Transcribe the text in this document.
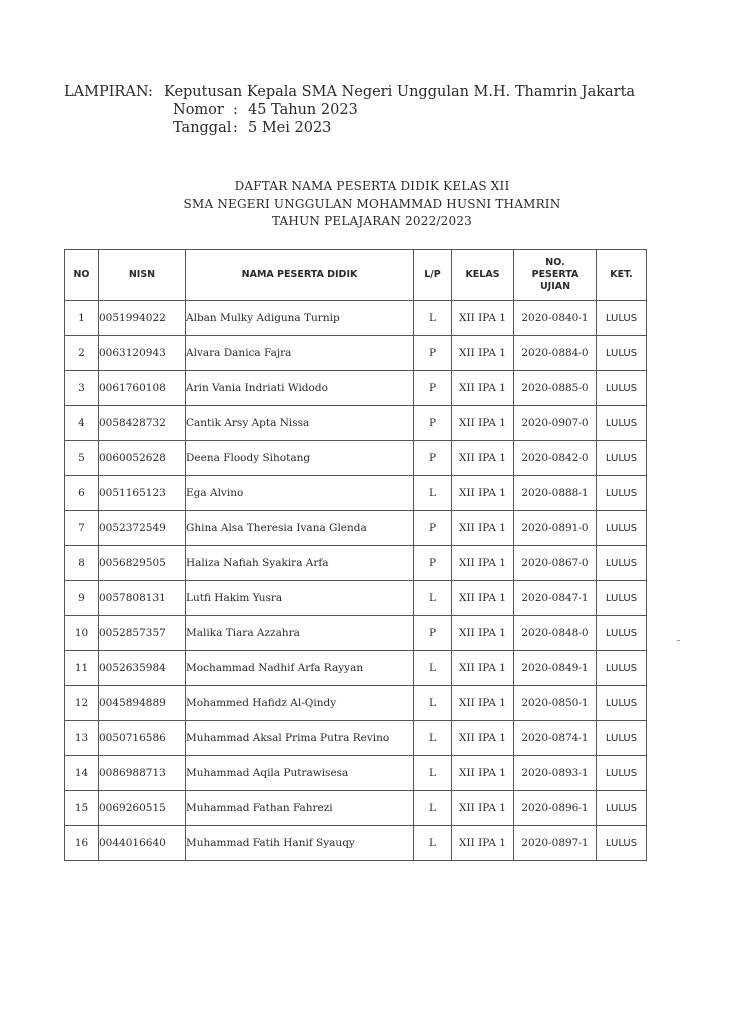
LAMPIRAN : Keputusan Kepala SMA Negeri Unggulan M.H. Thamrin Jakarta
Nomor : 45 Tahun 2023
Tanggal : 5 Mei 2023
DAFTAR NAMA PESERTA DIDIK KELAS XII
SMA NEGERI UNGGULAN MOHAMMAD HUSNI THAMRIN
TAHUN PELAJARAN 2022/2023
NO	NISN	NAMA PESERTA DIDIK	L/P	KELAS	NO.
PESERTA
UJIAN	KET.
1	0051994022	Alban Mulky Adiguna Turnip	L	XII IPA 1	2020-0840-1	LULUS
2	0063120943	Alvara Danica Fajra	P	XII IPA 1	2020-0884-0	LULUS
3	0061760108	Arin Vania Indriati Widodo	P	XII IPA 1	2020-0885-0	LULUS
4	0058428732	Cantik Arsy Apta Nissa	P	XII IPA 1	2020-0907-0	LULUS
5	0060052628	Deena Floody Sihotang	P	XII IPA 1	2020-0842-0	LULUS
6	0051165123	Ega Alvino	L	XII IPA 1	2020-0888-1	LULUS
7	0052372549	Ghina Alsa Theresia Ivana Glenda	P	XII IPA 1	2020-0891-0	LULUS
8	0056829505	Haliza Nafiah Syakira Arfa	P	XII IPA 1	2020-0867-0	LULUS
9	0057808131	Lutfi Hakim Yusra	L	XII IPA 1	2020-0847-1	LULUS
10	0052857357	Malika Tiara Azzahra	P	XII IPA 1	2020-0848-0	LULUS
11	0052635984	Mochammad Nadhif Arfa Rayyan	L	XII IPA 1	2020-0849-1	LULUS
12	0045894889	Mohammed Hafidz Al-Qindy	L	XII IPA 1	2020-0850-1	LULUS
13	0050716586	Muhammad Aksal Prima Putra Revino	L	XII IPA 1	2020-0874-1	LULUS
14	0086988713	Muhammad Aqila Putrawisesa	L	XII IPA 1	2020-0893-1	LULUS
15	0069260515	Muhammad Fathan Fahrezi	L	XII IPA 1	2020-0896-1	LULUS
16	0044016640	Muhammad Fatih Hanif Syauqy	L	XII IPA 1	2020-0897-1	LULUS
